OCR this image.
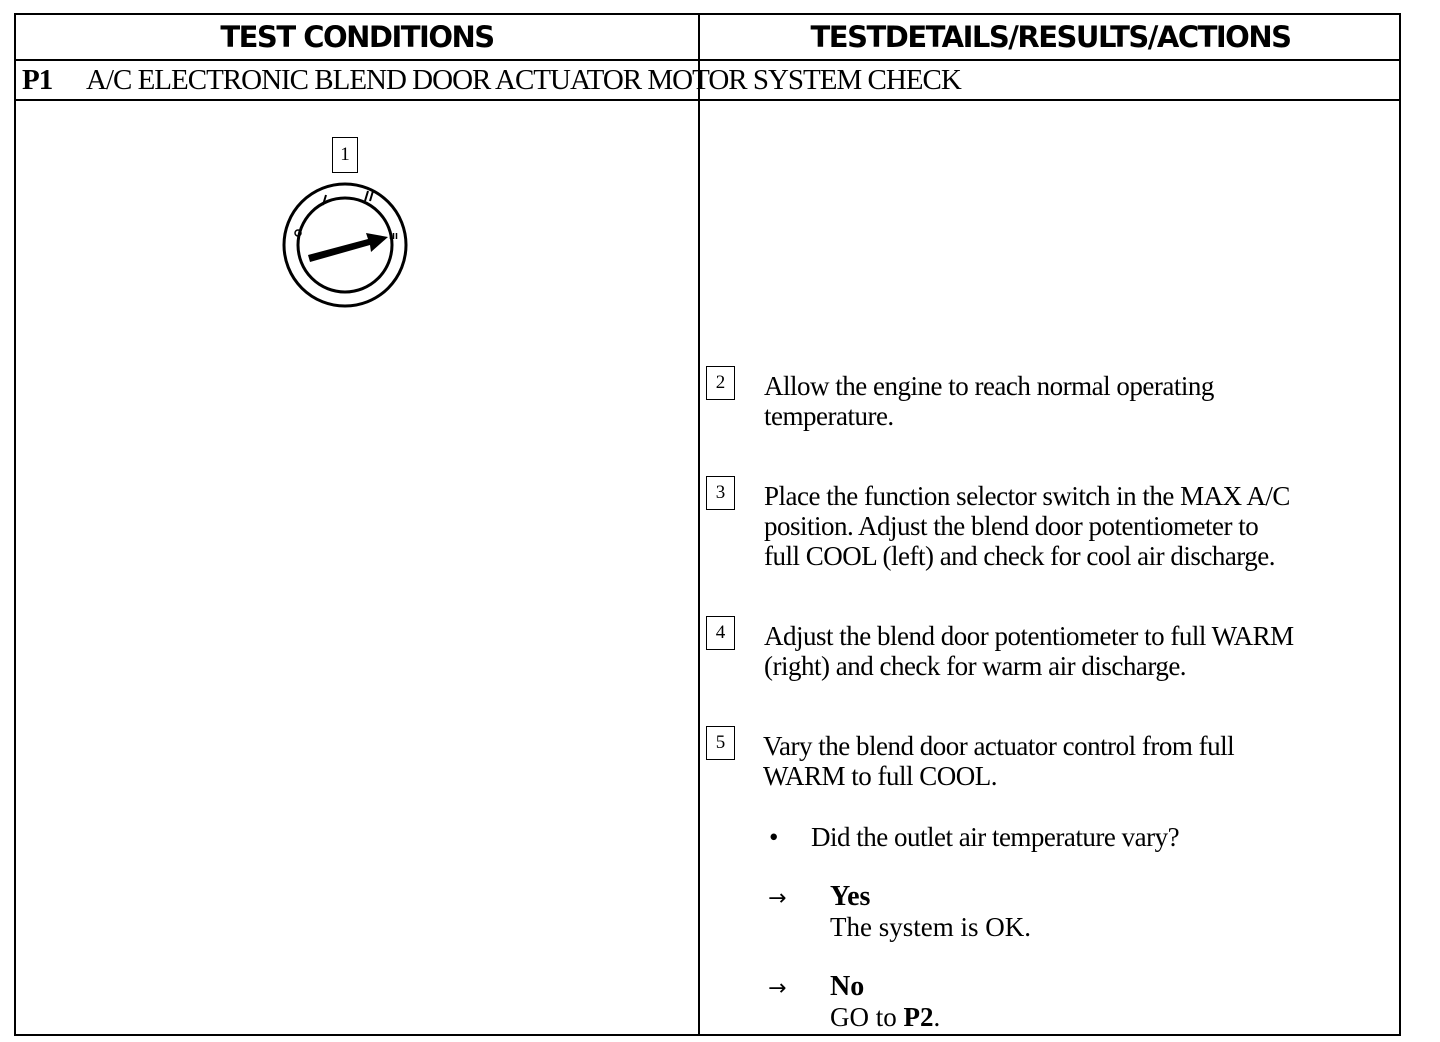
TEST CONDITIONS	TESTDETAILS/RESULTS/ACTIONS
P1	A/C ELECTRONIC BLEND DOOR ACTUATOR MOTOR SYSTEM CHECK
1
III
2	Allow the engine to reach normal operating
temperature.
3	Place the function selector switch in the MAX A/C
position. Adjust the blend door potentiometer to
full COOL (left) and check for cool air discharge.
4	Adjust the blend door potentiometer to full WARM
(right) and check for warm air discharge.
5	Vary the blend door actuator control from full
WARM to full COOL.
• Did the outlet air temperature vary?
→ Yes
The system is OK.
→ No
GO to P2.
